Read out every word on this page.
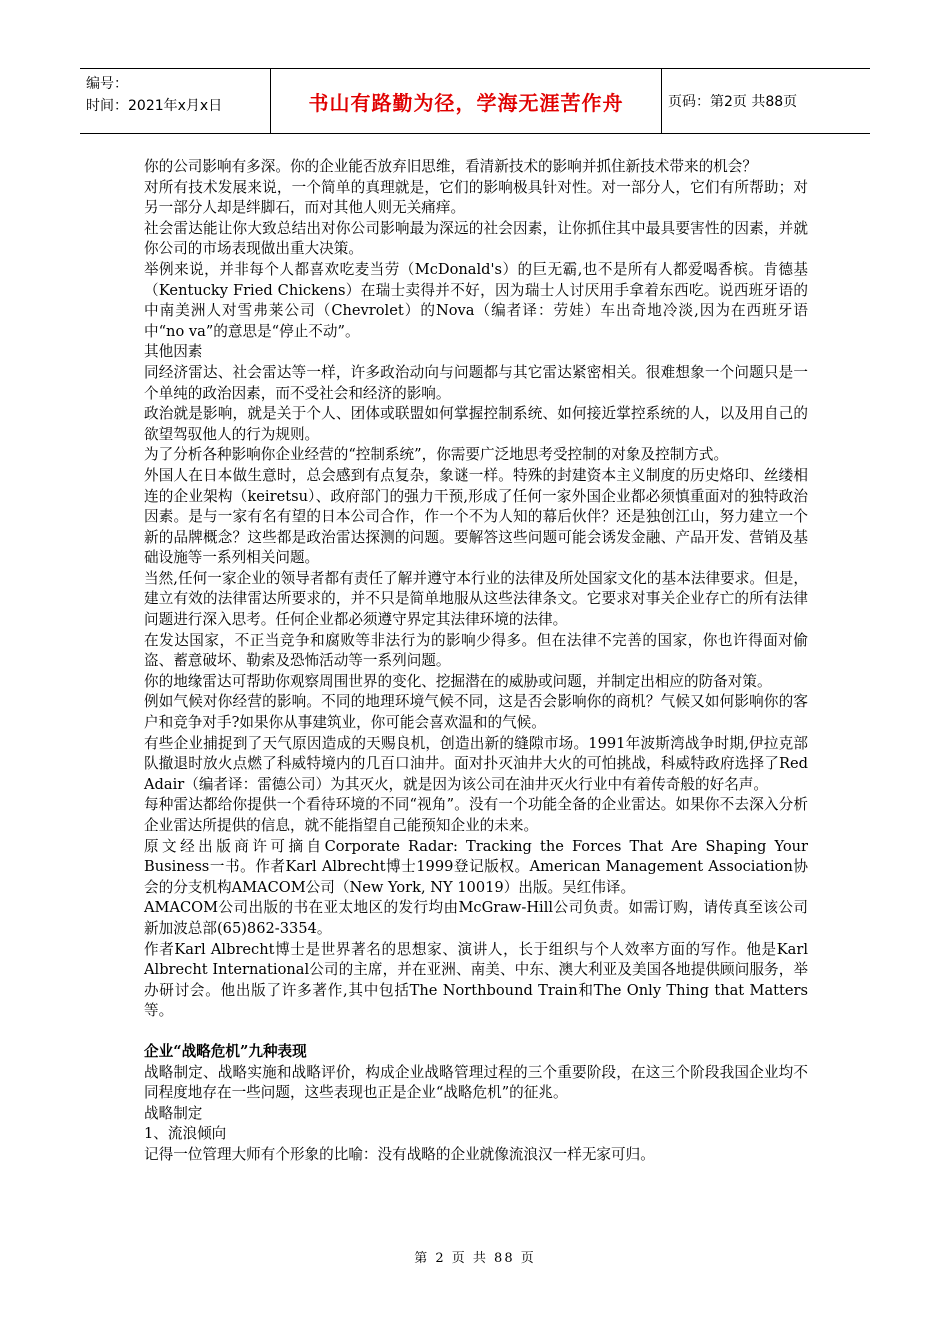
编号：
时间：2021年x月x日	书山有路勤为径，学海无涯苦作舟	页码：第2页 共88页

你的公司影响有多深。你的企业能否放弃旧思维，看清新技术的影响并抓住新技术带来的机会？

对所有技术发展来说，一个简单的真理就是，它们的影响极具针对性。对一部分人，它们有所帮助；对另一部分人却是绊脚石，而对其他人则无关痛痒。

社会雷达能让你大致总结出对你公司影响最为深远的社会因素，让你抓住其中最具要害性的因素，并就你公司的市场表现做出重大决策。

举例来说，并非每个人都喜欢吃麦当劳（McDonald's）的巨无霸,也不是所有人都爱喝香槟。肯德基（Kentucky Fried Chickens）在瑞士卖得并不好，因为瑞士人讨厌用手拿着东西吃。说西班牙语的中南美洲人对雪弗莱公司（Chevrolet）的Nova（编者译：劳娃）车出奇地冷淡,因为在西班牙语中“no va”的意思是“停止不动”。

其他因素

同经济雷达、社会雷达等一样，许多政治动向与问题都与其它雷达紧密相关。很难想象一个问题只是一个单纯的政治因素，而不受社会和经济的影响。

政治就是影响，就是关于个人、团体或联盟如何掌握控制系统、如何接近掌控系统的人，以及用自己的欲望驾驭他人的行为规则。

为了分析各种影响你企业经营的“控制系统”，你需要广泛地思考受控制的对象及控制方式。

外国人在日本做生意时，总会感到有点复杂，象谜一样。特殊的封建资本主义制度的历史烙印、丝缕相连的企业架构（keiretsu）、政府部门的强力干预,形成了任何一家外国企业都必须慎重面对的独特政治因素。是与一家有名有望的日本公司合作，作一个不为人知的幕后伙伴？还是独创江山，努力建立一个新的品牌概念？这些都是政治雷达探测的问题。要解答这些问题可能会诱发金融、产品开发、营销及基础设施等一系列相关问题。

当然,任何一家企业的领导者都有责任了解并遵守本行业的法律及所处国家文化的基本法律要求。但是，建立有效的法律雷达所要求的，并不只是简单地服从这些法律条文。它要求对事关企业存亡的所有法律问题进行深入思考。任何企业都必须遵守界定其法律环境的法律。

在发达国家，不正当竞争和腐败等非法行为的影响少得多。但在法律不完善的国家，你也许得面对偷盗、蓄意破坏、勒索及恐怖活动等一系列问题。

你的地缘雷达可帮助你观察周围世界的变化、挖掘潜在的威胁或问题，并制定出相应的防备对策。

例如气候对你经营的影响。不同的地理环境气候不同，这是否会影响你的商机？气候又如何影响你的客户和竞争对手?如果你从事建筑业，你可能会喜欢温和的气候。

有些企业捕捉到了天气原因造成的天赐良机，创造出新的缝隙市场。1991年波斯湾战争时期,伊拉克部队撤退时放火点燃了科威特境内的几百口油井。面对扑灭油井大火的可怕挑战，科威特政府选择了Red Adair（编者译：雷德公司）为其灭火，就是因为该公司在油井灭火行业中有着传奇般的好名声。

每种雷达都给你提供一个看待环境的不同“视角”。没有一个功能全备的企业雷达。如果你不去深入分析企业雷达所提供的信息，就不能指望自己能预知企业的未来。

原文经出版商许可摘自Corporate Radar: Tracking the Forces That Are Shaping Your Business一书。作者Karl Albrecht博士1999登记版权。American Management Association协会的分支机构AMACOM公司（New York, NY 10019）出版。吴红伟译。

AMACOM公司出版的书在亚太地区的发行均由McGraw-Hill公司负责。如需订购，请传真至该公司新加波总部(65)862-3354。

作者Karl Albrecht博士是世界著名的思想家、演讲人，长于组织与个人效率方面的写作。他是Karl Albrecht International公司的主席，并在亚洲、南美、中东、澳大利亚及美国各地提供顾问服务，举办研讨会。他出版了许多著作,其中包括The Northbound Train和The Only Thing that Matters等。

企业“战略危机”九种表现

战略制定、战略实施和战略评价，构成企业战略管理过程的三个重要阶段，在这三个阶段我国企业均不同程度地存在一些问题，这些表现也正是企业“战略危机”的征兆。

战略制定

1、流浪倾向

记得一位管理大师有个形象的比喻：没有战略的企业就像流浪汉一样无家可归。

第 2 页 共 88 页
